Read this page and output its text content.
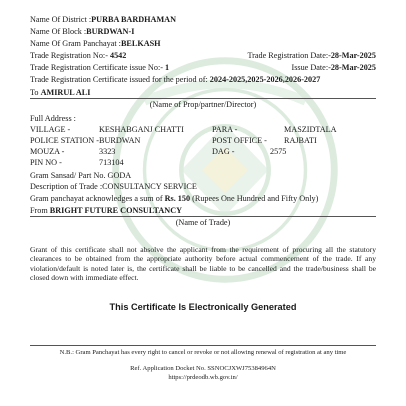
Name Of District :PURBA BARDHAMAN
Name Of Block :BURDWAN-I
Name Of Gram Panchayat :BELKASH
Trade Registration No:- 4542	Trade Registration Date:-28-Mar-2025
Trade Registration Certificate issue No:- 1	Issue Date:-28-Mar-2025
Trade Registration Certificate issued for the period of: 2024-2025,2025-2026,2026-2027
To AMIRUL ALI
(Name of Prop/partner/Director)
Full Address :
VILLAGE -	KESHABGANJ CHATTI	PARA -	MASZIDTALA
POLICE STATION - BURDWAN	POST OFFICE - RAJBATI
MOUZA -	3323	DAG -	2575
PIN NO -	713104
Gram Sansad/ Part No. GODA
Description of Trade :CONSULTANCY SERVICE
Gram panchayat acknowledges a sum of Rs. 150 (Rupees One Hundred and Fifty Only)
From BRIGHT FUTURE CONSULTANCY
(Name of Trade)
Grant of this certificate shall not absolve the applicant from the requirement of procuring all the statutory clearances to be obtained from the appropriate authority before actual commencement of the trade. If any violation/default is noted later is, the certificate shall be liable to be cancelled and the trade/business shall be closed down with immediate effect.
This Certificate Is Electronically Generated
N.B.: Gram Panchayat has every right to cancel or revoke or not allowing renewal of registration at any time
Ref. Application Docket No. SSNOCJXWJ75384964N
https://prdeodb.wb.gov.in/
